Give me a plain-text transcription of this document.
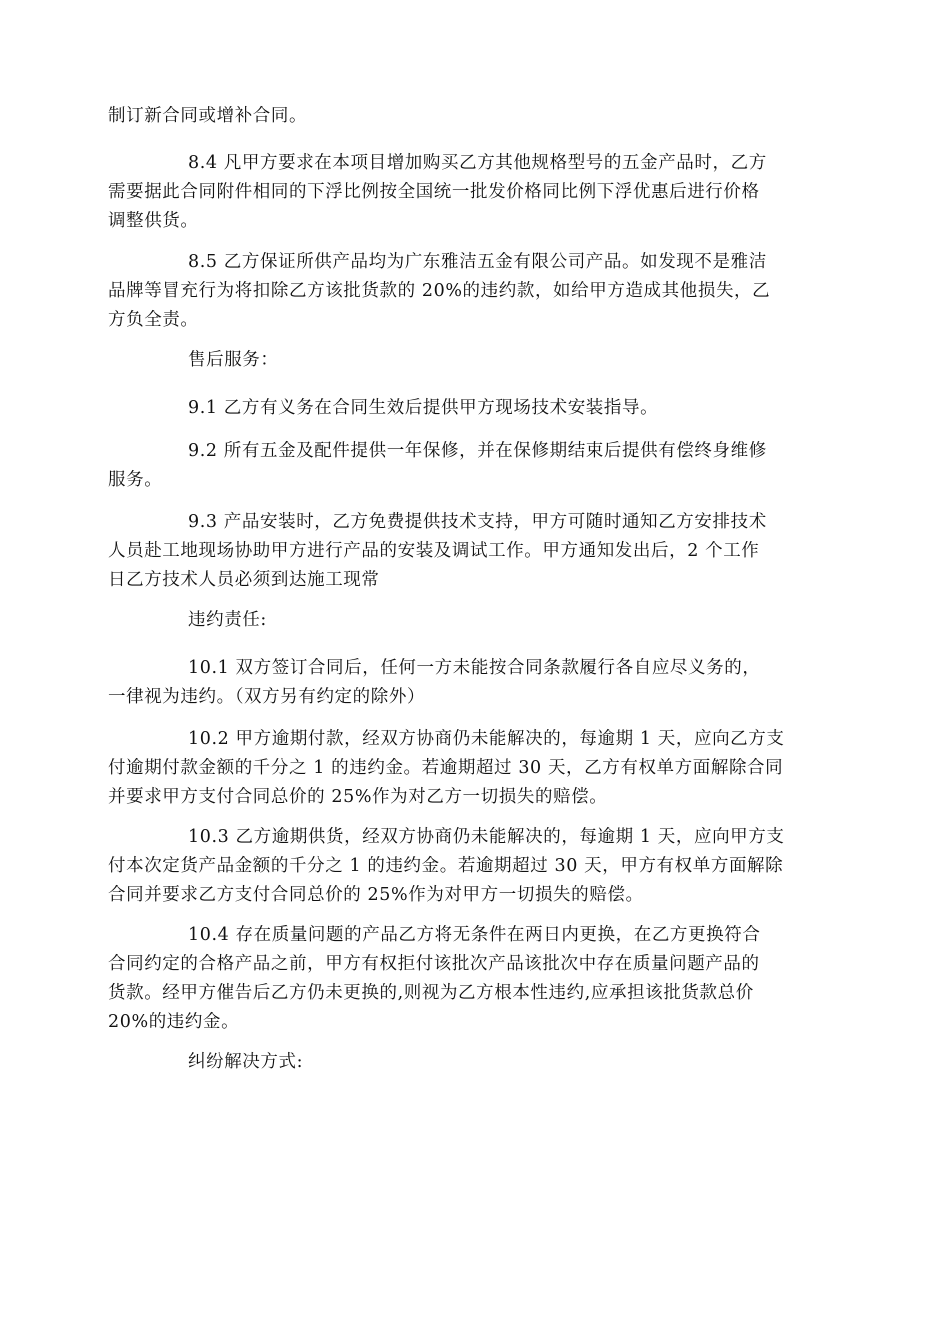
制订新合同或增补合同。
8.4 凡甲方要求在本项目增加购买乙方其他规格型号的五金产品时，乙方
需要据此合同附件相同的下浮比例按全国统一批发价格同比例下浮优惠后进行价格
调整供货。
8.5 乙方保证所供产品均为广东雅洁五金有限公司产品。如发现不是雅洁
品牌等冒充行为将扣除乙方该批货款的 20%的违约款，如给甲方造成其他损失，乙
方负全责。
售后服务：
9.1 乙方有义务在合同生效后提供甲方现场技术安装指导。
9.2 所有五金及配件提供一年保修，并在保修期结束后提供有偿终身维修
服务。
9.3 产品安装时，乙方免费提供技术支持，甲方可随时通知乙方安排技术
人员赴工地现场协助甲方进行产品的安装及调试工作。甲方通知发出后，2 个工作
日乙方技术人员必须到达施工现常
违约责任:
10.1 双方签订合同后，任何一方未能按合同条款履行各自应尽义务的，
一律视为违约。（双方另有约定的除外）
10.2 甲方逾期付款，经双方协商仍未能解决的，每逾期 1 天，应向乙方支
付逾期付款金额的千分之 1 的违约金。若逾期超过 30 天，乙方有权单方面解除合同
并要求甲方支付合同总价的 25%作为对乙方一切损失的赔偿。
10.3 乙方逾期供货，经双方协商仍未能解决的，每逾期 1 天，应向甲方支
付本次定货产品金额的千分之 1 的违约金。若逾期超过 30 天，甲方有权单方面解除
合同并要求乙方支付合同总价的 25%作为对甲方一切损失的赔偿。
10.4 存在质量问题的产品乙方将无条件在两日内更换，在乙方更换符合
合同约定的合格产品之前，甲方有权拒付该批次产品该批次中存在质量问题产品的
货款。经甲方催告后乙方仍未更换的,则视为乙方根本性违约,应承担该批货款总价
20%的违约金。
纠纷解决方式:
